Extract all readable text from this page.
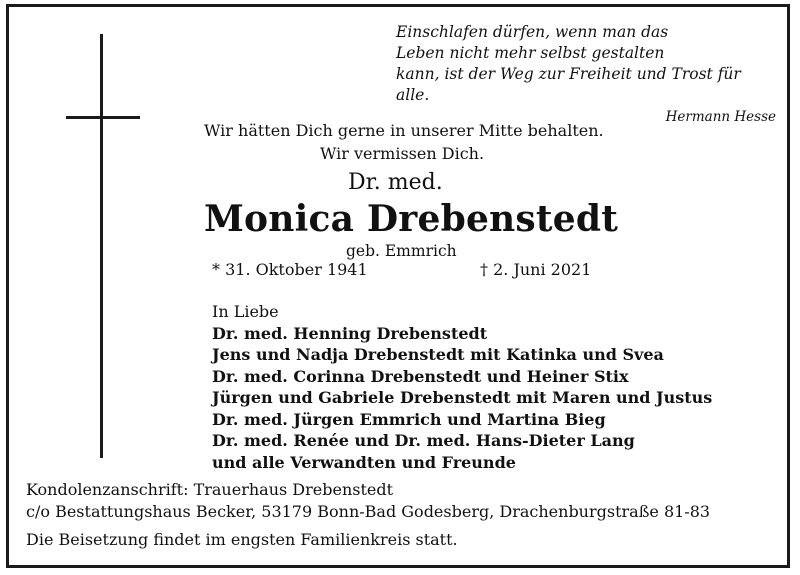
Einschlafen dürfen, wenn man das
Leben nicht mehr selbst gestalten
kann, ist der Weg zur Freiheit und Trost für alle.
Hermann Hesse
Wir hätten Dich gerne in unserer Mitte behalten.
Wir vermissen Dich.
Dr. med.
Monica Drebenstedt
geb. Emmrich
* 31. Oktober 1941	† 2. Juni 2021
In Liebe
Dr. med. Henning Drebenstedt
Jens und Nadja Drebenstedt mit Katinka und Svea
Dr. med. Corinna Drebenstedt und Heiner Stix
Jürgen und Gabriele Drebenstedt mit Maren und Justus
Dr. med. Jürgen Emmrich und Martina Bieg
Dr. med. Renée und Dr. med. Hans-Dieter Lang
und alle Verwandten und Freunde
Kondolenzanschrift: Trauerhaus Drebenstedt
c/o Bestattungshaus Becker, 53179 Bonn-Bad Godesberg, Drachenburgstraße 81-83
Die Beisetzung findet im engsten Familienkreis statt.
